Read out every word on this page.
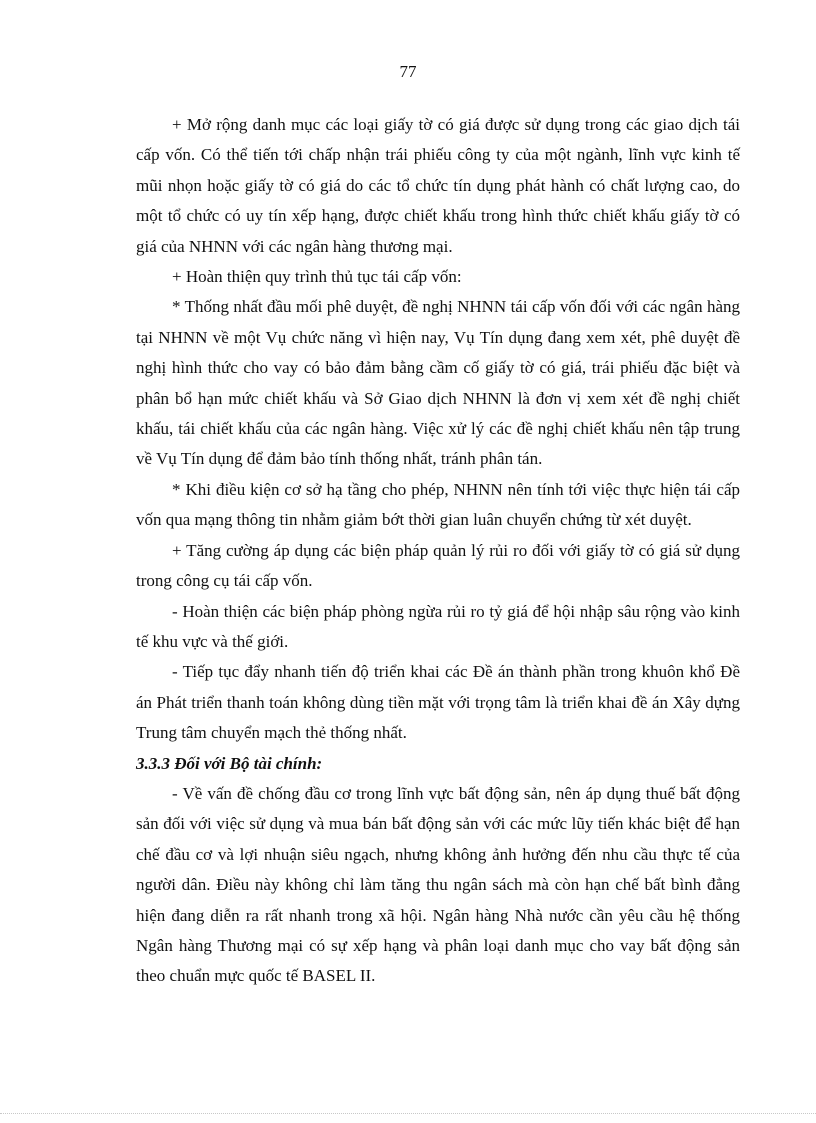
77

+ Mở rộng danh mục các loại giấy tờ có giá được sử dụng trong các giao dịch tái cấp vốn. Có thể tiến tới chấp nhận trái phiếu công ty của một ngành, lĩnh vực kinh tế mũi nhọn hoặc giấy tờ có giá do các tổ chức tín dụng phát hành có chất lượng cao, do một tổ chức có uy tín xếp hạng, được chiết khấu trong hình thức chiết khấu giấy tờ có giá của NHNN với các ngân hàng thương mại.

+ Hoàn thiện quy trình thủ tục tái cấp vốn:

* Thống nhất đầu mối phê duyệt, đề nghị NHNN tái cấp vốn đối với các ngân hàng tại NHNN về một Vụ chức năng vì hiện nay, Vụ Tín dụng đang xem xét, phê duyệt đề nghị hình thức cho vay có bảo đảm bằng cầm cố giấy tờ có giá, trái phiếu đặc biệt và phân bổ hạn mức chiết khấu và Sở Giao dịch NHNN là đơn vị xem xét đề nghị chiết khấu, tái chiết khấu của các ngân hàng. Việc xử lý các đề nghị chiết khấu nên tập trung về Vụ Tín dụng để đảm bảo tính thống nhất, tránh phân tán.

* Khi điều kiện cơ sở hạ tầng cho phép, NHNN nên tính tới việc thực hiện tái cấp vốn qua mạng thông tin nhằm giảm bớt thời gian luân chuyển chứng từ xét duyệt.

+ Tăng cường áp dụng các biện pháp quản lý rủi ro đối với giấy tờ có giá sử dụng trong công cụ tái cấp vốn.

- Hoàn thiện các biện pháp phòng ngừa rủi ro tỷ giá để hội nhập sâu rộng vào kinh tế khu vực và thế giới.

- Tiếp tục đẩy nhanh tiến độ triển khai các Đề án thành phần trong khuôn khổ Đề án Phát triển thanh toán không dùng tiền mặt với trọng tâm là triển khai đề án Xây dựng Trung tâm chuyển mạch thẻ thống nhất.

3.3.3 Đối với Bộ tài chính:

- Về vấn đề chống đầu cơ trong lĩnh vực bất động sản, nên áp dụng thuế bất động sản đối với việc sử dụng và mua bán bất động sản với các mức lũy tiến khác biệt để hạn chế đầu cơ và lợi nhuận siêu ngạch, nhưng không ảnh hưởng đến nhu cầu thực tế của người dân. Điều này không chỉ làm tăng thu ngân sách mà còn hạn chế bất bình đẳng hiện đang diễn ra rất nhanh trong xã hội. Ngân hàng Nhà nước cần yêu cầu hệ thống Ngân hàng Thương mại có sự xếp hạng và phân loại danh mục cho vay bất động sản theo chuẩn mực quốc tế BASEL II.
